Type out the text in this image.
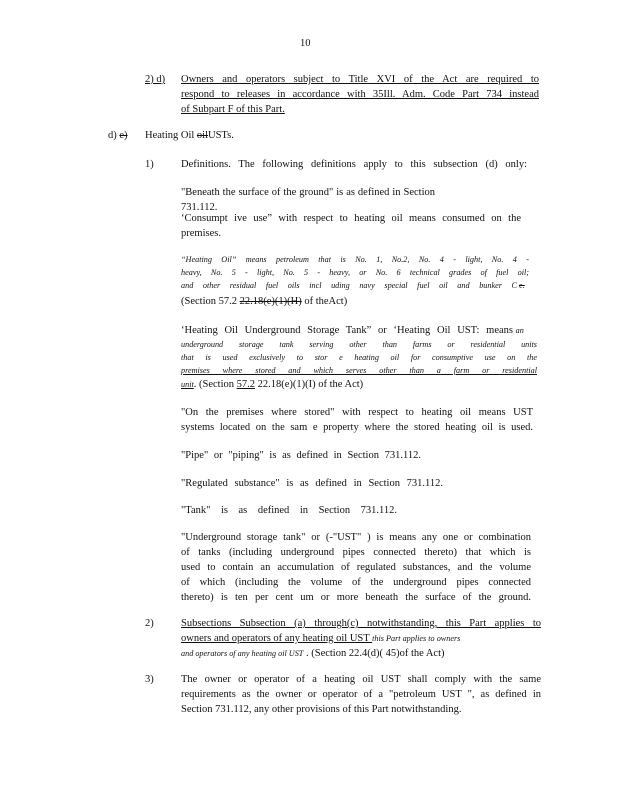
10
2) d) Owners and operators subject to Title XVI of the Act are required to
respond to releases in accordance with 35Ill. Adm. Code Part 734 instead
of Subpart F of this Part.
d) e) Heating Oil oilUSTs.
1)	Definitions. The following definitions apply to this subsection (d) only:
"Beneath the surface of the ground" is as defined in Section 731.112.
‘Consumpt ive use” with respect to heating oil means consumed on the
premises.
“Heating Oil” means petroleum that is No. 1, No.2, No. 4 - light, No. 4 -
heavy, No. 5 - light, No. 5 - heavy, or No. 6 technical grades of fuel oil;
and other residual fuel oils incl uding navy special fuel oil and bunker C e.
(Section 57.2 22.18(e)(1)(H) of theAct)
‘Heating Oil Underground Storage Tank” or ‘Heating Oil UST: means an
underground storage tank serving other than farms or residential units
that is used exclusively to stor e heating oil for consumptive use on the
premises where stored and which serves other than a farm or residential
unit. (Section 57.2 22.18(e)(1)(I) of the Act)
"On the premises where stored" with respect to heating oil means UST
systems located on the sam e property where the stored heating oil is used.
"Pipe" or "piping" is as defined in Section 731.112.
"Regulated substance" is as defined in Section 731.112.
"Tank" is as defined in Section 731.112.
"Underground storage tank" or (-"UST" ) is means any one or combination
of tanks (including underground pipes connected thereto) that which is
used to contain an accumulation of regulated substances, and the volume
of which (including the volume of the underground pipes connected
thereto) is ten per cent um or more beneath the surface of the ground.
2)	Subsections Subsection (a) through(c) notwithstanding, this Part applies to
owners and operators of any heating oil UST this Part applies to owners
and operators of any heating oil UST . (Section 22.4(d)( 45)of the Act)
3)	The owner or operator of a heating oil UST shall comply with the same
requirements as the owner or operator of a "petroleum UST ", as defined in
Section 731.112, any other provisions of this Part notwithstanding.
